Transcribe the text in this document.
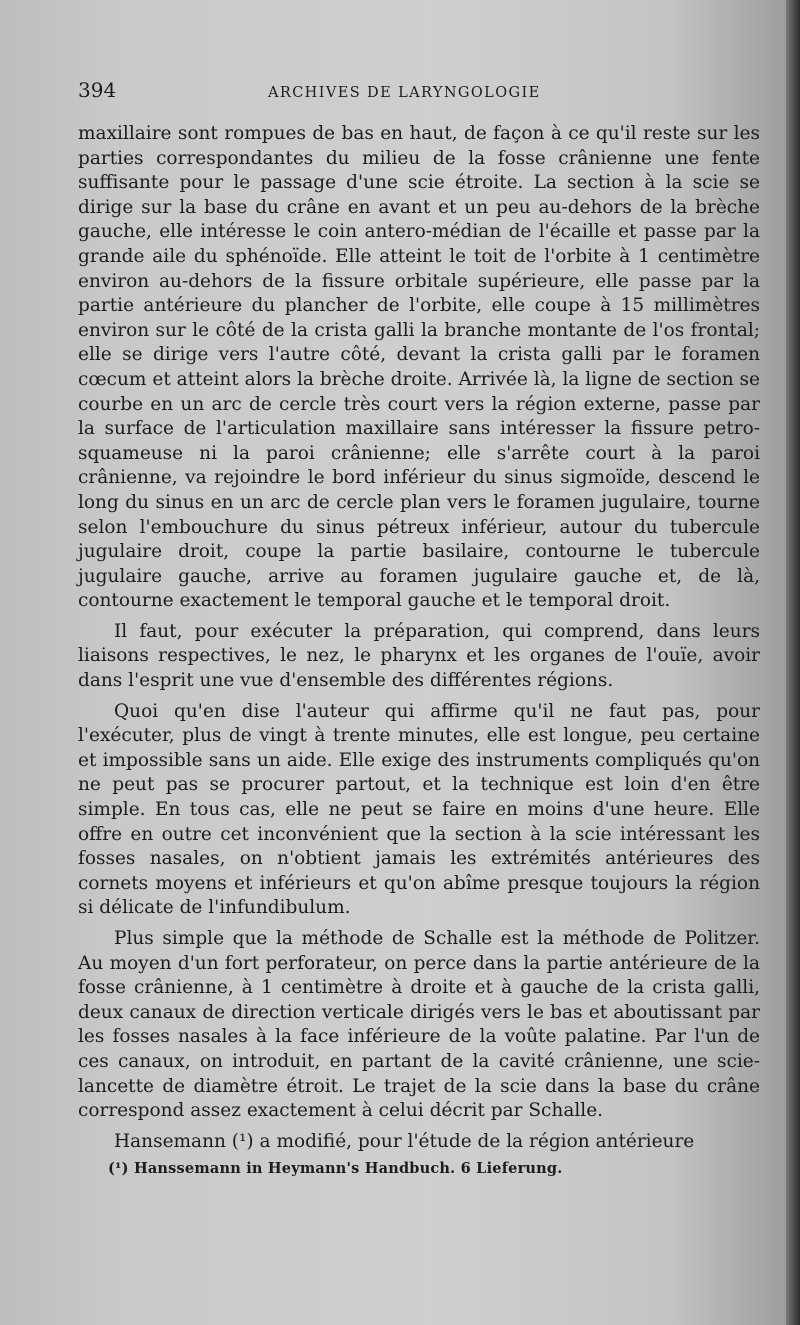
394	ARCHIVES DE LARYNGOLOGIE

maxillaire sont rompues de bas en haut, de façon à ce qu'il reste sur les parties correspondantes du milieu de la fosse crânienne une fente suffisante pour le passage d'une scie étroite. La section à la scie se dirige sur la base du crâne en avant et un peu au-dehors de la brèche gauche, elle intéresse le coin antero-médian de l'écaille et passe par la grande aile du sphénoïde. Elle atteint le toit de l'orbite à 1 centimètre environ au-dehors de la fissure orbitale supérieure, elle passe par la partie antérieure du plancher de l'orbite, elle coupe à 15 millimètres environ sur le côté de la crista galli la branche montante de l'os frontal; elle se dirige vers l'autre côté, devant la crista galli par le foramen cœcum et atteint alors la brèche droite. Arrivée là, la ligne de section se courbe en un arc de cercle très court vers la région externe, passe par la surface de l'articulation maxillaire sans intéresser la fissure petro-squameuse ni la paroi crânienne; elle s'arrête court à la paroi crânienne, va rejoindre le bord inférieur du sinus sigmoïde, descend le long du sinus en un arc de cercle plan vers le foramen jugulaire, tourne selon l'embouchure du sinus pétreux inférieur, autour du tubercule jugulaire droit, coupe la partie basilaire, contourne le tubercule jugulaire gauche, arrive au foramen jugulaire gauche et, de là, contourne exactement le temporal gauche et le temporal droit.

Il faut, pour exécuter la préparation, qui comprend, dans leurs liaisons respectives, le nez, le pharynx et les organes de l'ouïe, avoir dans l'esprit une vue d'ensemble des différentes régions.

Quoi qu'en dise l'auteur qui affirme qu'il ne faut pas, pour l'exécuter, plus de vingt à trente minutes, elle est longue, peu certaine et impossible sans un aide. Elle exige des instruments compliqués qu'on ne peut pas se procurer partout, et la technique est loin d'en être simple. En tous cas, elle ne peut se faire en moins d'une heure. Elle offre en outre cet inconvénient que la section à la scie intéressant les fosses nasales, on n'obtient jamais les extrémités antérieures des cornets moyens et inférieurs et qu'on abîme presque toujours la région si délicate de l'infundibulum.

Plus simple que la méthode de Schalle est la méthode de Politzer. Au moyen d'un fort perforateur, on perce dans la partie antérieure de la fosse crânienne, à 1 centimètre à droite et à gauche de la crista galli, deux canaux de direction verticale dirigés vers le bas et aboutissant par les fosses nasales à la face inférieure de la voûte palatine. Par l'un de ces canaux, on introduit, en partant de la cavité crânienne, une scie-lancette de diamètre étroit. Le trajet de la scie dans la base du crâne correspond assez exactement à celui décrit par Schalle.

Hansemann (¹) a modifié, pour l'étude de la région antérieure

(¹) Hanssemann in Heymann's Handbuch. 6 Lieferung.
